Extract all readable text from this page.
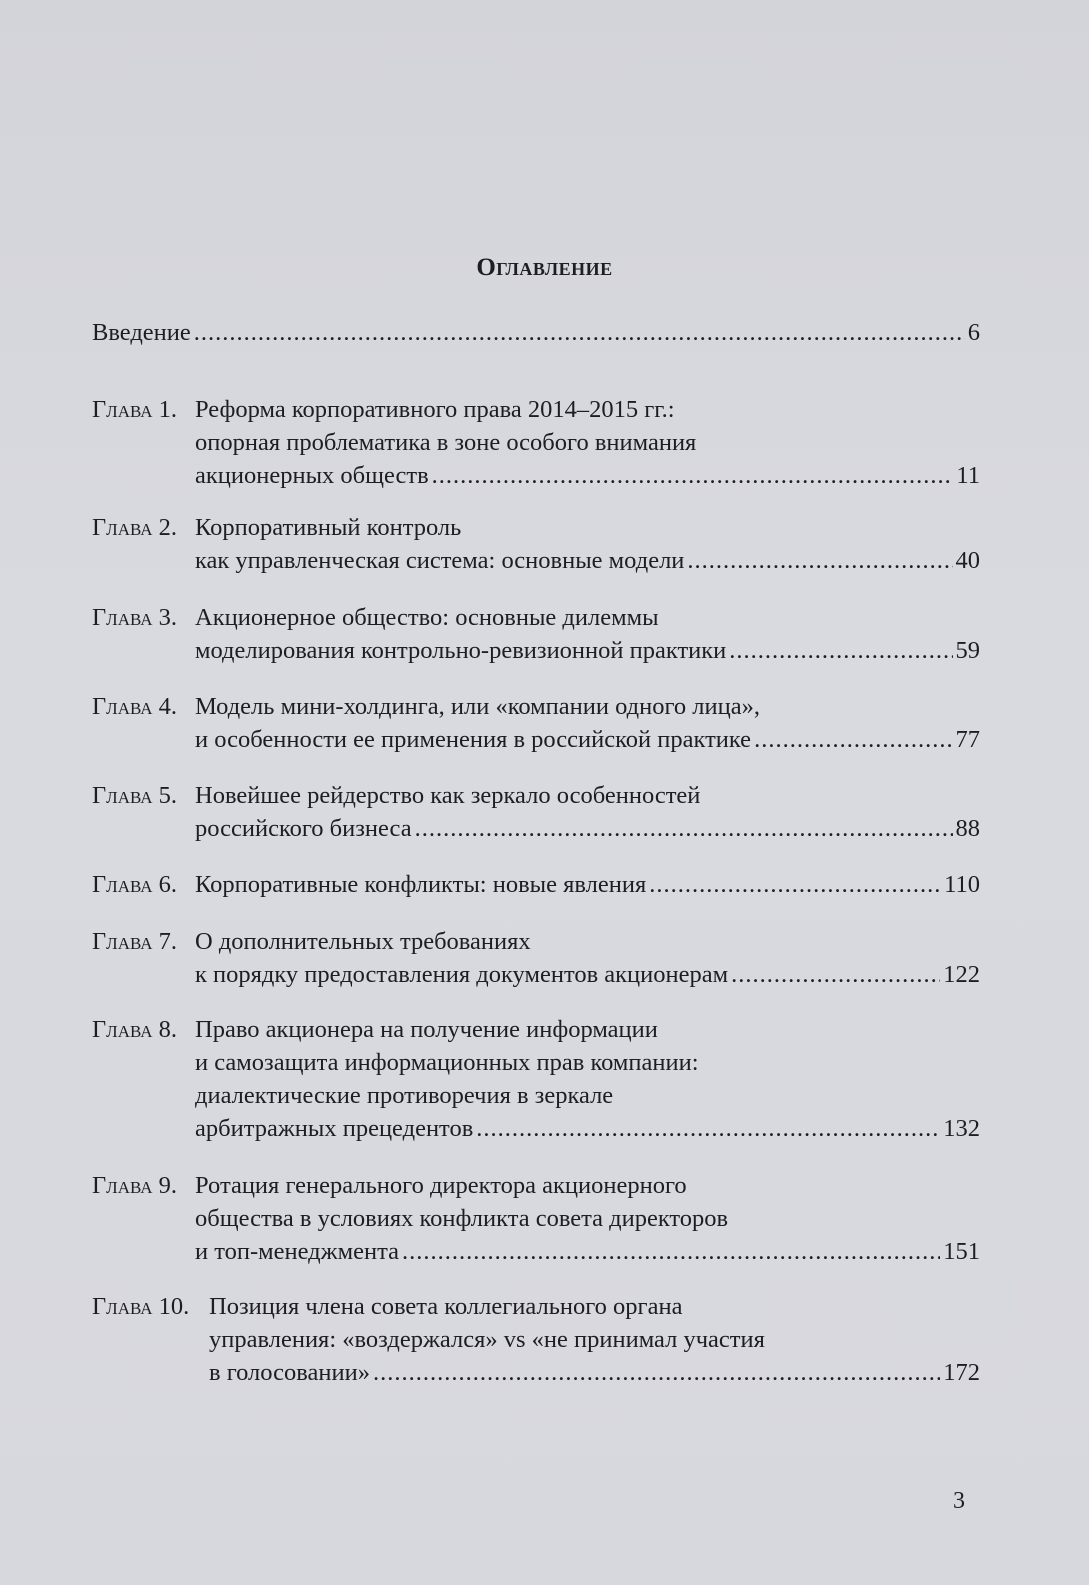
Оглавление
Введение .....	6
Глава 1. Реформа корпоративного права 2014–2015 гг.:
опорная проблематика в зоне особого внимания
акционерных обществ .....	11
Глава 2. Корпоративный контроль
как управленческая система: основные модели .....	40
Глава 3. Акционерное общество: основные дилеммы
моделирования контрольно-ревизионной практики .....	59
Глава 4. Модель мини-холдинга, или «компании одного лица»,
и особенности ее применения в российской практике .....	77
Глава 5. Новейшее рейдерство как зеркало особенностей
российского бизнеса .....	88
Глава 6. Корпоративные конфликты: новые явления .....	110
Глава 7. О дополнительных требованиях
к порядку предоставления документов акционерам .....	122
Глава 8. Право акционера на получение информации
и самозащита информационных прав компании:
диалектические противоречия в зеркале
арбитражных прецедентов .....	132
Глава 9. Ротация генерального директора акционерного
общества в условиях конфликта совета директоров
и топ-менеджмента .....	151
Глава 10. Позиция члена совета коллегиального органа
управления: «воздержался» vs «не принимал участия
в голосовании» .....	172
3
